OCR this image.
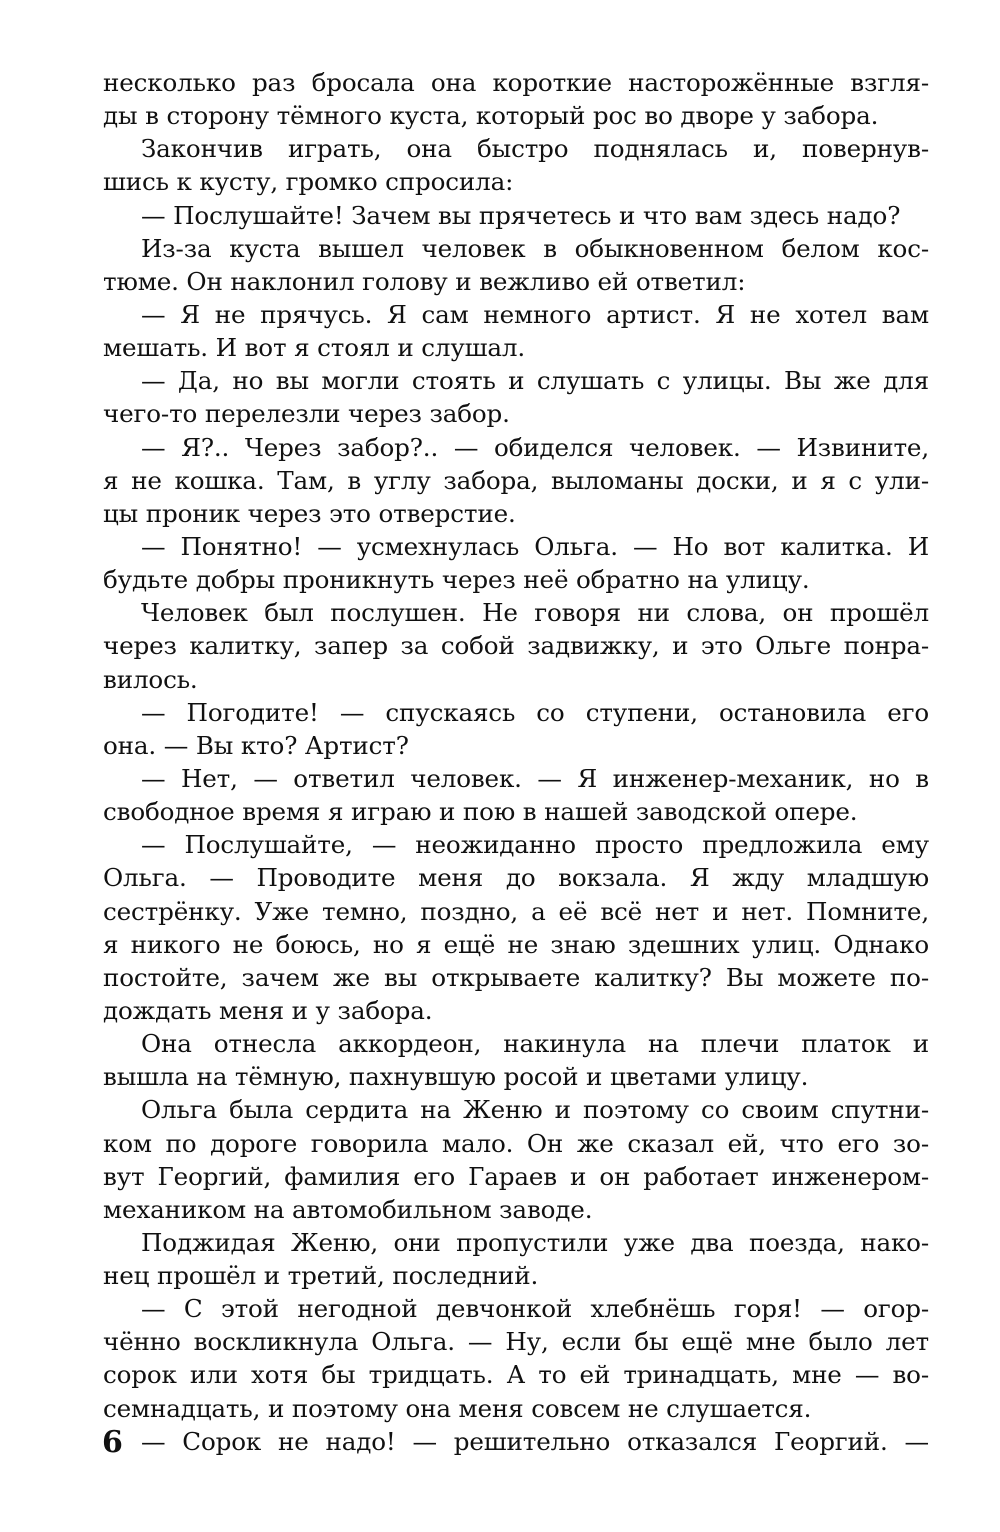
несколько раз бросала она короткие насторожённые взгля-
ды в сторону тёмного куста, который рос во дворе у забора.
Закончив играть, она быстро поднялась и, повернув-
шись к кусту, громко спросила:
— Послушайте! Зачем вы прячетесь и что вам здесь надо?
Из-за куста вышел человек в обыкновенном белом кос-
тюме. Он наклонил голову и вежливо ей ответил:
— Я не прячусь. Я сам немного артист. Я не хотел вам
мешать. И вот я стоял и слушал.
— Да, но вы могли стоять и слушать с улицы. Вы же для
чего-то перелезли через забор.
— Я?.. Через забор?.. — обиделся человек. — Извините,
я не кошка. Там, в углу забора, выломаны доски, и я с ули-
цы проник через это отверстие.
— Понятно! — усмехнулась Ольга. — Но вот калитка. И
будьте добры проникнуть через неё обратно на улицу.
Человек был послушен. Не говоря ни слова, он прошёл
через калитку, запер за собой задвижку, и это Ольге понра-
вилось.
— Погодите! — спускаясь со ступени, остановила его
она. — Вы кто? Артист?
— Нет, — ответил человек. — Я инженер-механик, но в
свободное время я играю и пою в нашей заводской опере.
— Послушайте, — неожиданно просто предложила ему
Ольга. — Проводите меня до вокзала. Я жду младшую
сестрёнку. Уже темно, поздно, а её всё нет и нет. Помните,
я никого не боюсь, но я ещё не знаю здешних улиц. Однако
постойте, зачем же вы открываете калитку? Вы можете по-
дождать меня и у забора.
Она отнесла аккордеон, накинула на плечи платок и
вышла на тёмную, пахнувшую росой и цветами улицу.
Ольга была сердита на Женю и поэтому со своим спутни-
ком по дороге говорила мало. Он же сказал ей, что его зо-
вут Георгий, фамилия его Гараев и он работает инженером-
механиком на автомобильном заводе.
Поджидая Женю, они пропустили уже два поезда, нако-
нец прошёл и третий, последний.
— С этой негодной девчонкой хлебнёшь горя! — огор-
чённо воскликнула Ольга. — Ну, если бы ещё мне было лет
сорок или хотя бы тридцать. А то ей тринадцать, мне — во-
семнадцать, и поэтому она меня совсем не слушается.
— Сорок не надо! — решительно отказался Георгий. —
6
